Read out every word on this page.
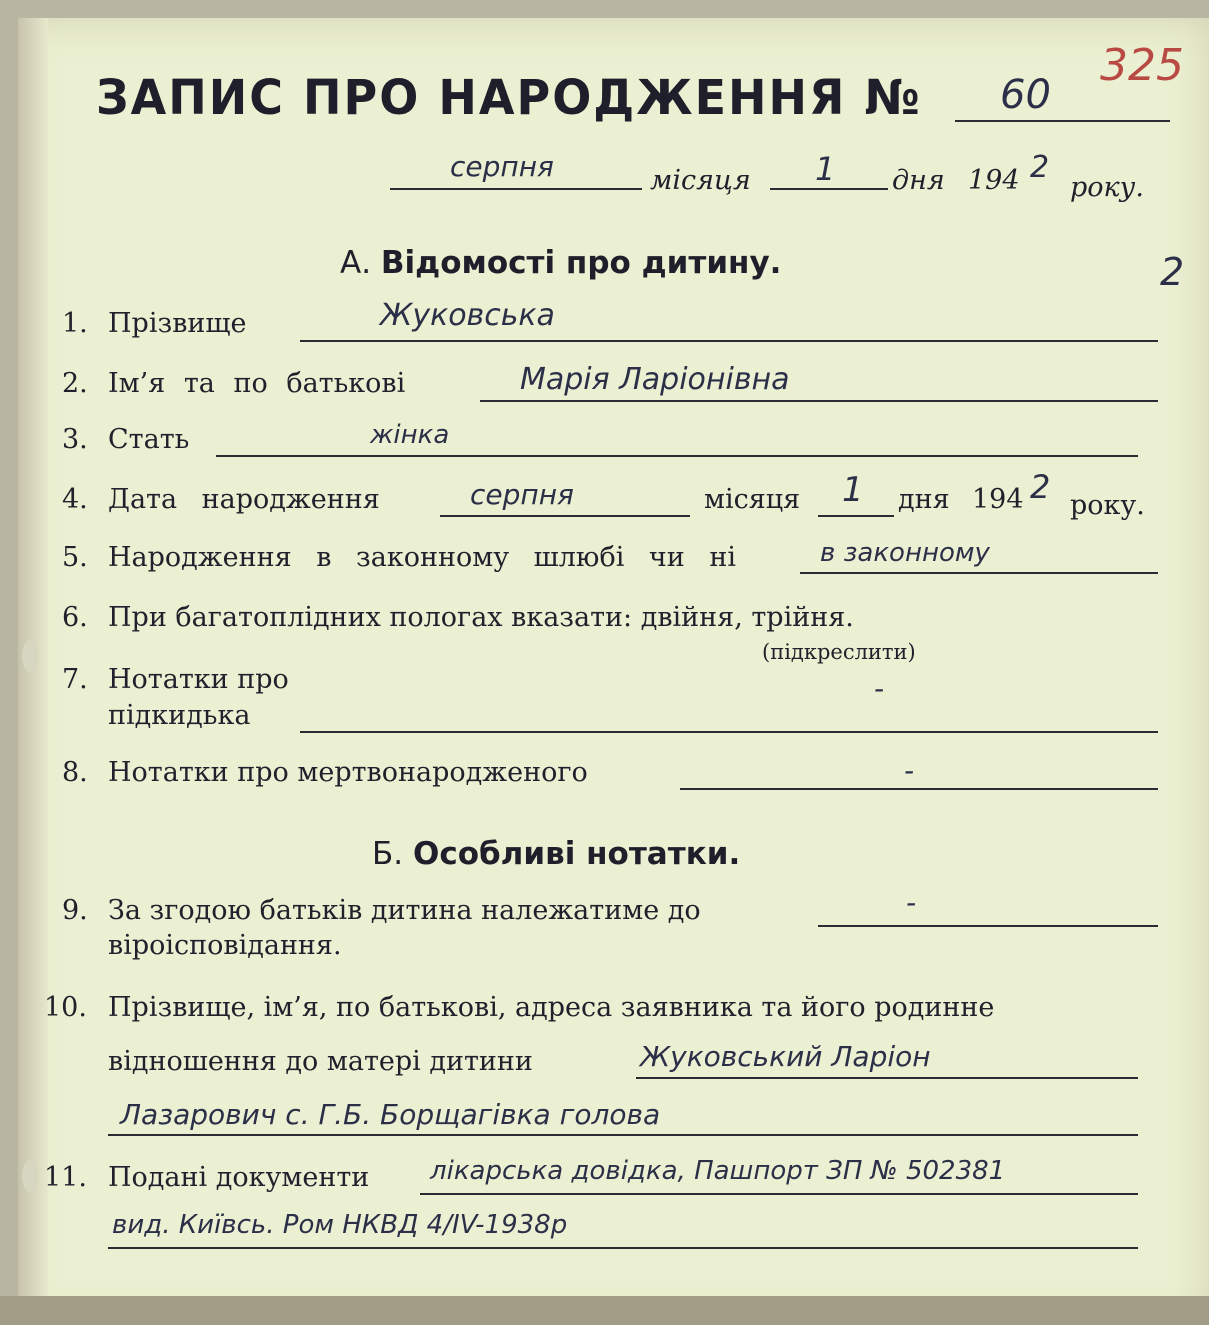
ЗАПИС ПРО НАРОДЖЕННЯ № 60
325
серпня	місяця 1 дня 194 2
року.
2
А. Відомості про дитину.
1. Прізвище	Жуковська
2. Ім’я та по батькові	Марія Ларіонівна
3. Стать	жінка
4. Дата народження	серпня	місяця 1 дня 194 2 року.
5. Народження в законному шлюбі чи ні	в законному
6. При багатоплідних пологах вказати: двійня, трійня.
(підкреслити)
7. Нотатки про
підкидька
-
8. Нотатки про мертвонародженого	-
Б. Особливі нотатки.
9. За згодою батьків дитина належатиме до
віроісповідання.
-
10. Прізвище, ім’я, по батькові, адреса заявника та його родинне
відношення до матері дитини	Жуковський Ларіон
Лазарович с. Г.Б. Борщагівка голова
11. Подані документи лікарська довідка, Пашпорт ЗП № 502381
вид. Київсь. Ром НКВД 4/IV-1938р
